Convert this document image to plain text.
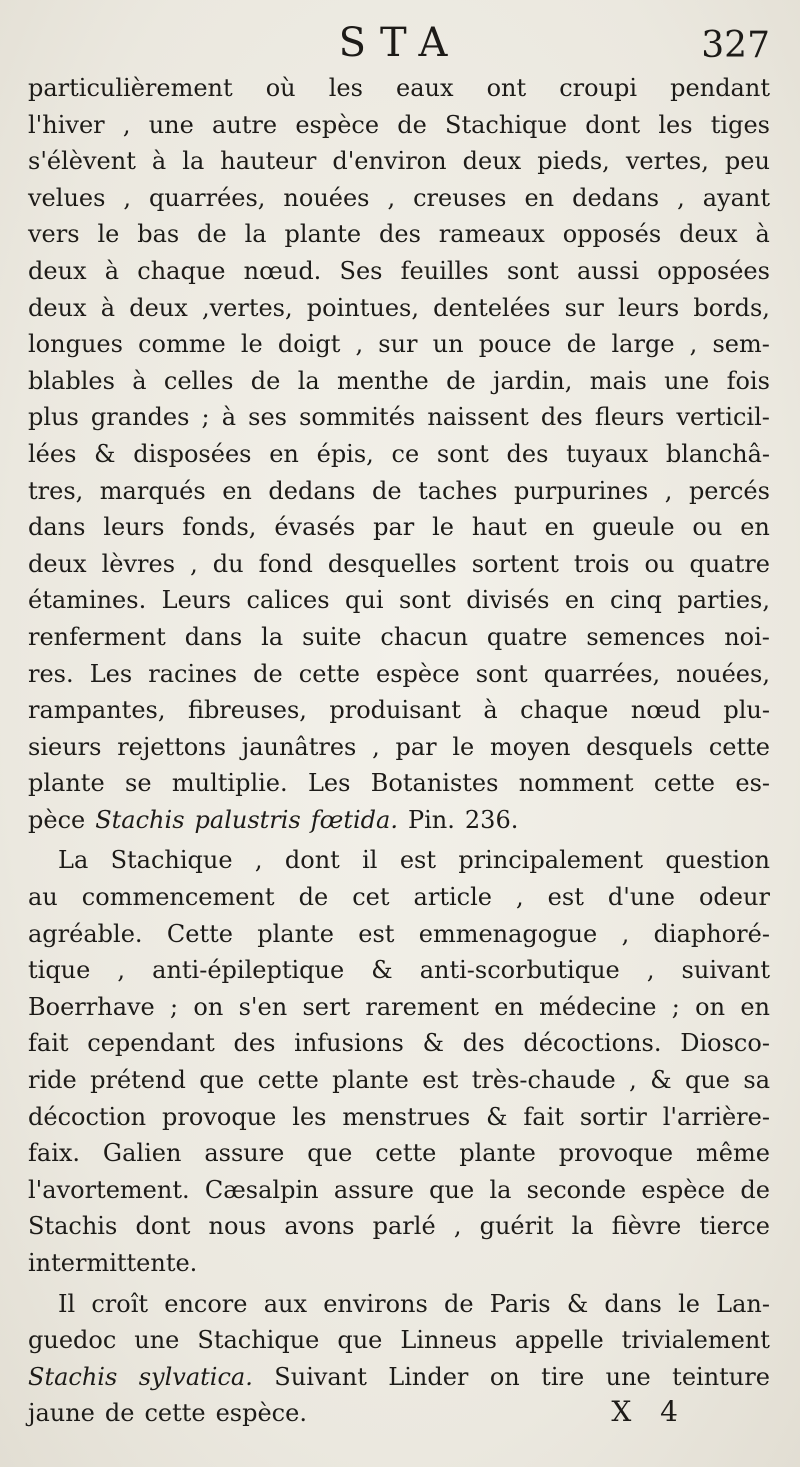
STA	327
particulièrement où les eaux ont croupi pendant
l'hiver , une autre espèce de Stachique dont les tiges
s'élèvent à la hauteur d'environ deux pieds, vertes, peu
velues , quarrées, nouées , creuses en dedans , ayant
vers le bas de la plante des rameaux opposés deux à
deux à chaque nœud. Ses feuilles sont aussi opposées
deux à deux ,vertes, pointues, dentelées sur leurs bords,
longues comme le doigt , sur un pouce de large , sem-
blables à celles de la menthe de jardin, mais une fois
plus grandes ; à ses sommités naissent des fleurs verticil-
lées & disposées en épis, ce sont des tuyaux blanchâ-
tres, marqués en dedans de taches purpurines , percés
dans leurs fonds, évasés par le haut en gueule ou en
deux lèvres , du fond desquelles sortent trois ou quatre
étamines. Leurs calices qui sont divisés en cinq parties,
renferment dans la suite chacun quatre semences noi-
res. Les racines de cette espèce sont quarrées, nouées,
rampantes, fibreuses, produisant à chaque nœud plu-
sieurs rejettons jaunâtres , par le moyen desquels cette
plante se multiplie. Les Botanistes nomment cette es-
pèce Stachis palustris fœtida. Pin. 236.
La Stachique , dont il est principalement question
au commencement de cet article , est d'une odeur
agréable. Cette plante est emmenagogue , diaphoré-
tique , anti-épileptique & anti-scorbutique , suivant
Boerrhave ; on s'en sert rarement en médecine ; on en
fait cependant des infusions & des décoctions. Diosco-
ride prétend que cette plante est très-chaude , & que sa
décoction provoque les menstrues & fait sortir l'arrière-
faix. Galien assure que cette plante provoque même
l'avortement. Cæsalpin assure que la seconde espèce de
Stachis dont nous avons parlé , guérit la fièvre tierce
intermittente.
Il croît encore aux environs de Paris & dans le Lan-
guedoc une Stachique que Linneus appelle trivialement
Stachis sylvatica. Suivant Linder on tire une teinture
jaune de cette espèce.	X 4
